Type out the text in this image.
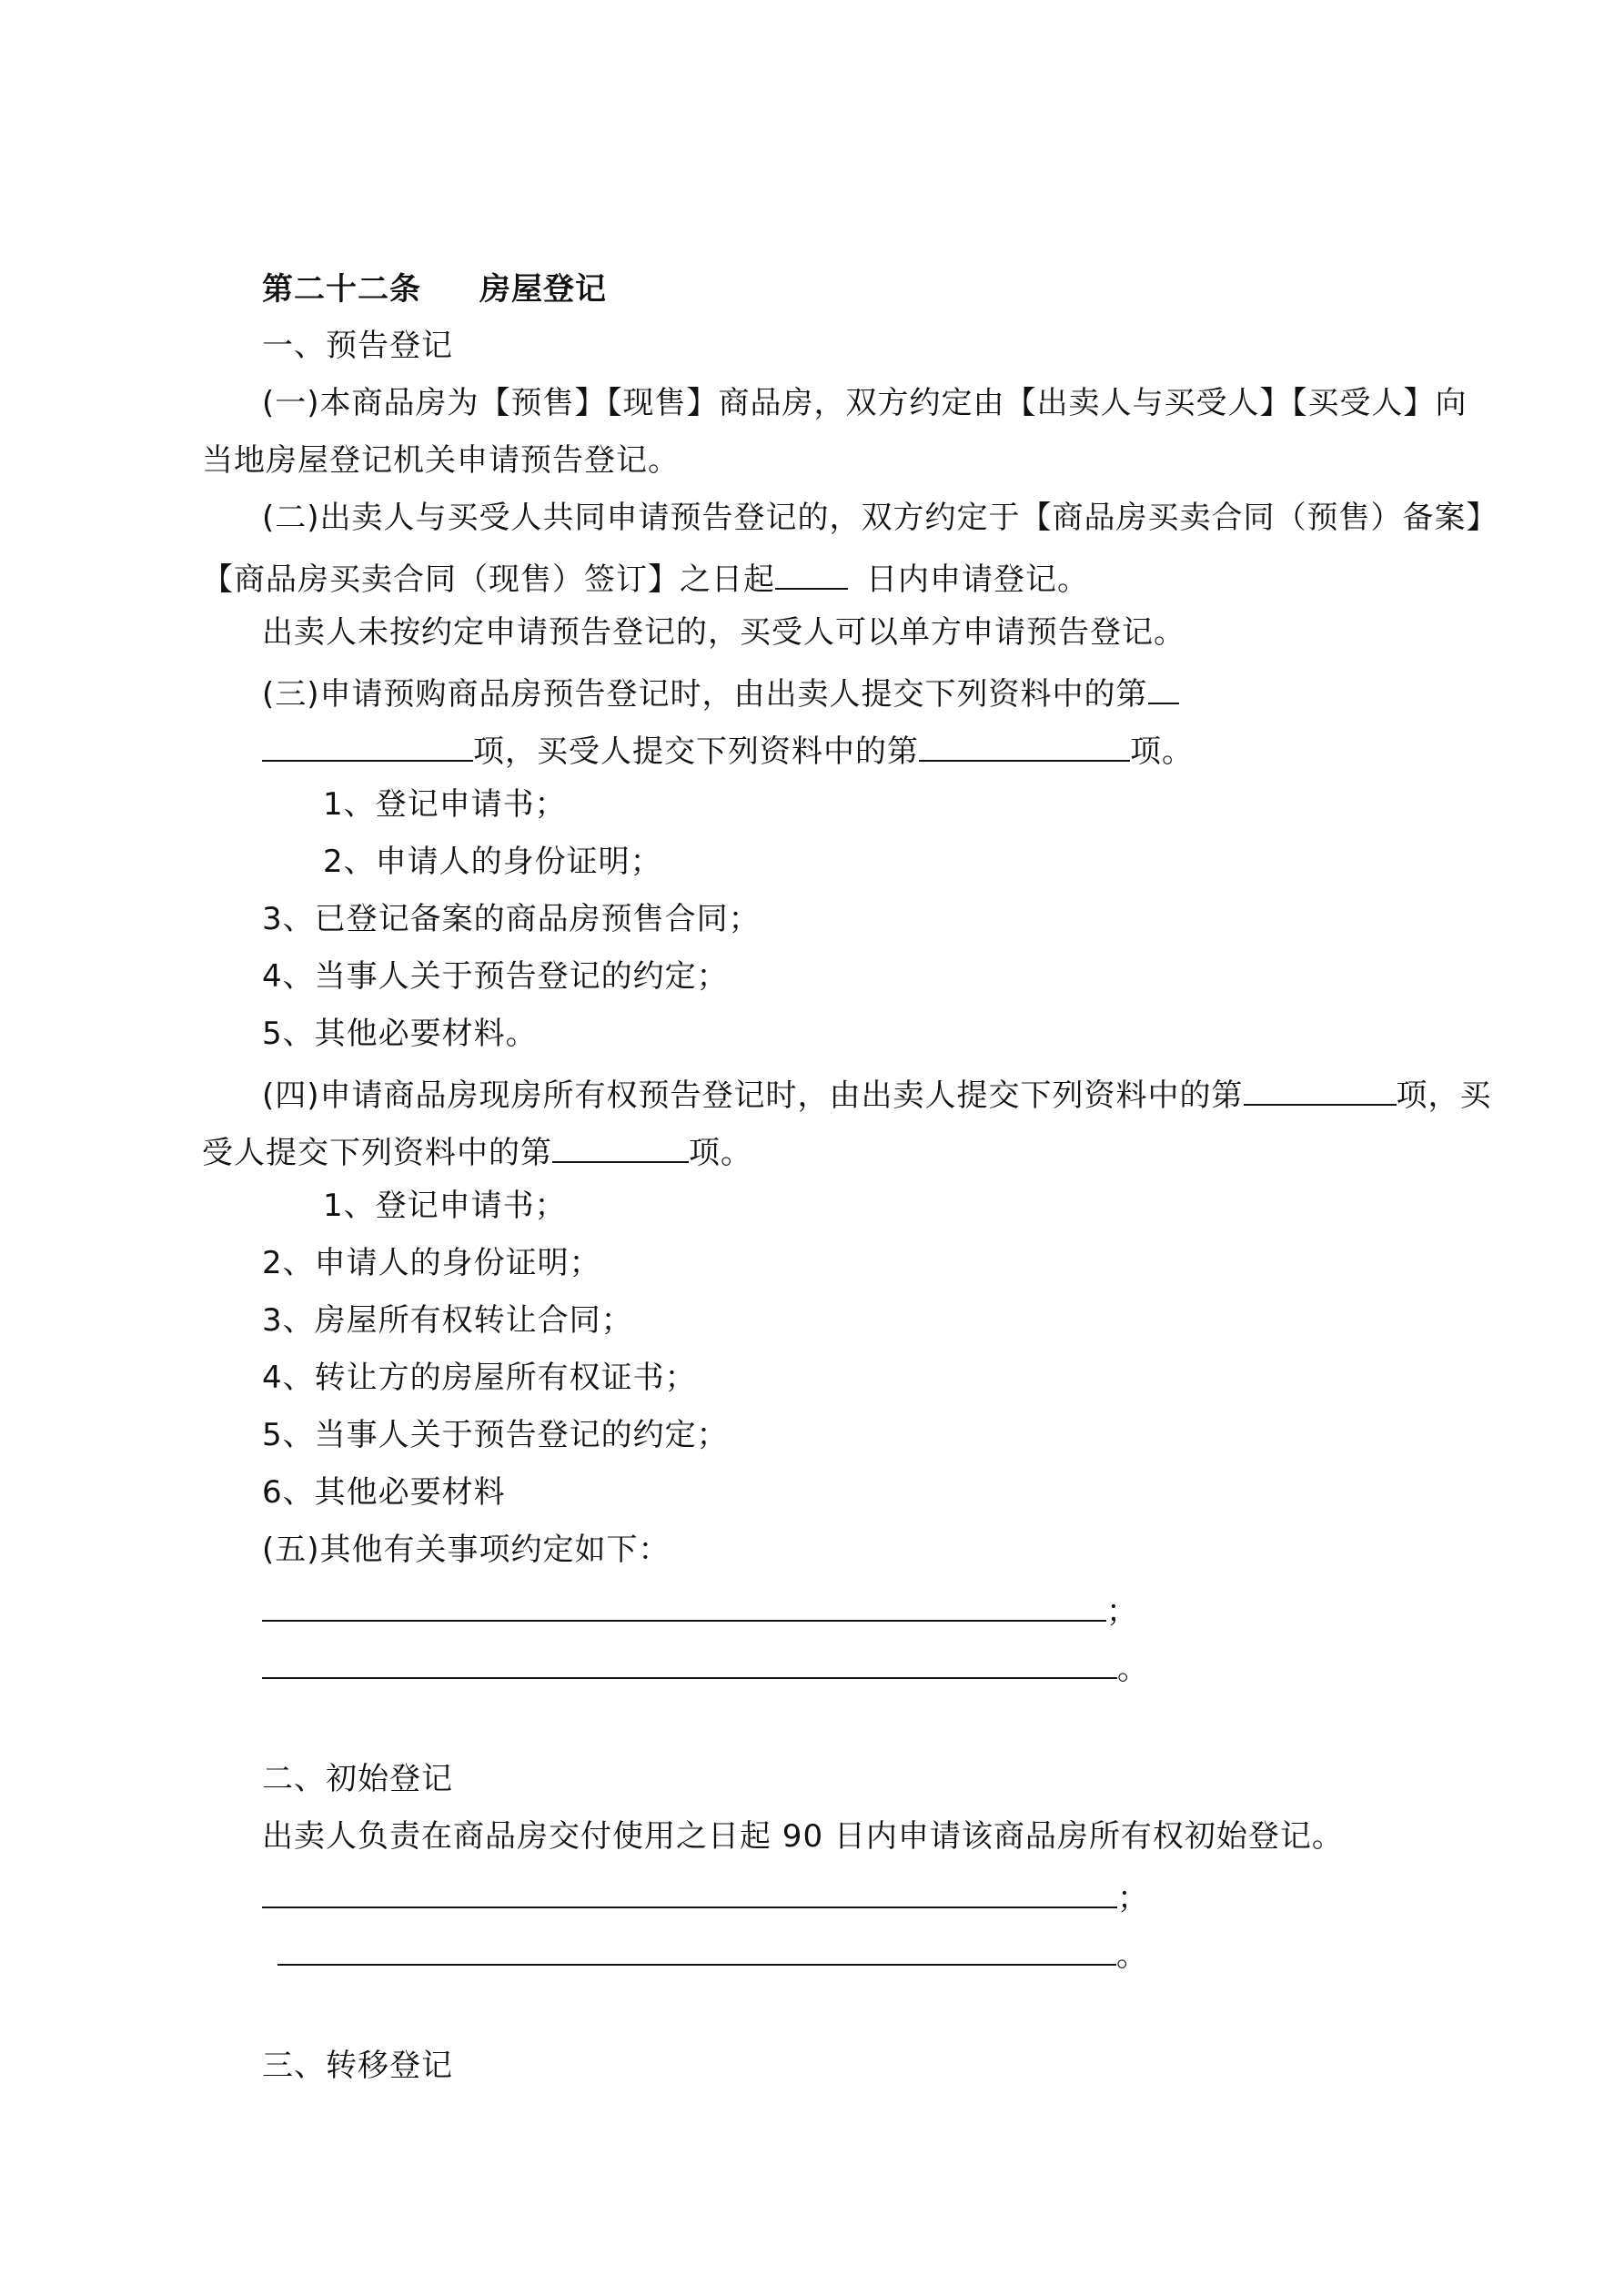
第二十二条 房屋登记
一、预告登记
(一)本商品房为【预售】【现售】商品房，双方约定由【出卖人与买受人】【买受人】向
当地房屋登记机关申请预告登记。
(二)出卖人与买受人共同申请预告登记的，双方约定于【商品房买卖合同（预售）备案】
【商品房买卖合同（现售）签订】之日起	日内申请登记。
出卖人未按约定申请预告登记的，买受人可以单方申请预告登记。
(三)申请预购商品房预告登记时，由出卖人提交下列资料中的第
项，买受人提交下列资料中的第	项。
1、登记申请书；
2、申请人的身份证明；
3、已登记备案的商品房预售合同；
4、当事人关于预告登记的约定；
5、其他必要材料。
(四)申请商品房现房所有权预告登记时，由出卖人提交下列资料中的第	项，买
受人提交下列资料中的第	项。
1、登记申请书；
2、申请人的身份证明；
3、房屋所有权转让合同；
4、转让方的房屋所有权证书；
5、当事人关于预告登记的约定；
6、其他必要材料
(五)其他有关事项约定如下：
；
。
二、初始登记
出卖人负责在商品房交付使用之日起 90 日内申请该商品房所有权初始登记。
；
。
三、转移登记
